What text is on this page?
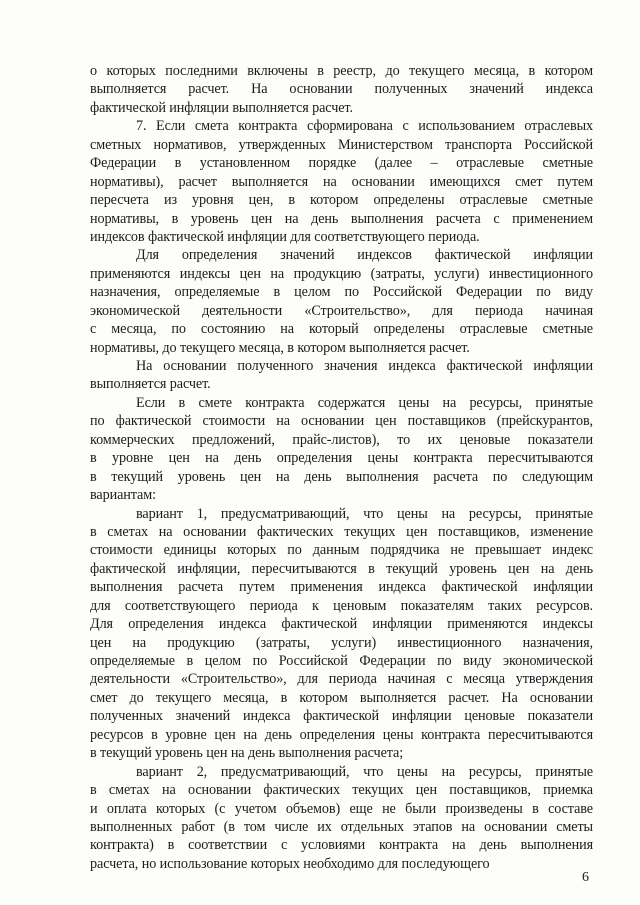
о которых последними включены в реестр, до текущего месяца, в котором
выполняется расчет. На основании полученных значений индекса
фактической инфляции выполняется расчет.
7. Если смета контракта сформирована с использованием отраслевых
сметных нормативов, утвержденных Министерством транспорта Российской
Федерации в установленном порядке (далее – отраслевые сметные
нормативы), расчет выполняется на основании имеющихся смет путем
пересчета из уровня цен, в котором определены отраслевые сметные
нормативы, в уровень цен на день выполнения расчета с применением
индексов фактической инфляции для соответствующего периода.
Для определения значений индексов фактической инфляции
применяются индексы цен на продукцию (затраты, услуги) инвестиционного
назначения, определяемые в целом по Российской Федерации по виду
экономической деятельности «Строительство», для периода начиная
с месяца, по состоянию на который определены отраслевые сметные
нормативы, до текущего месяца, в котором выполняется расчет.
На основании полученного значения индекса фактической инфляции
выполняется расчет.
Если в смете контракта содержатся цены на ресурсы, принятые
по фактической стоимости на основании цен поставщиков (прейскурантов,
коммерческих предложений, прайс-листов), то их ценовые показатели
в уровне цен на день определения цены контракта пересчитываются
в текущий уровень цен на день выполнения расчета по следующим
вариантам:
вариант 1, предусматривающий, что цены на ресурсы, принятые
в сметах на основании фактических текущих цен поставщиков, изменение
стоимости единицы которых по данным подрядчика не превышает индекс
фактической инфляции, пересчитываются в текущий уровень цен на день
выполнения расчета путем применения индекса фактической инфляции
для соответствующего периода к ценовым показателям таких ресурсов.
Для определения индекса фактической инфляции применяются индексы
цен на продукцию (затраты, услуги) инвестиционного назначения,
определяемые в целом по Российской Федерации по виду экономической
деятельности «Строительство», для периода начиная с месяца утверждения
смет до текущего месяца, в котором выполняется расчет. На основании
полученных значений индекса фактической инфляции ценовые показатели
ресурсов в уровне цен на день определения цены контракта пересчитываются
в текущий уровень цен на день выполнения расчета;
вариант 2, предусматривающий, что цены на ресурсы, принятые
в сметах на основании фактических текущих цен поставщиков, приемка
и оплата которых (с учетом объемов) еще не были произведены в составе
выполненных работ (в том числе их отдельных этапов на основании сметы
контракта) в соответствии с условиями контракта на день выполнения
расчета, но использование которых необходимо для последующего
6
